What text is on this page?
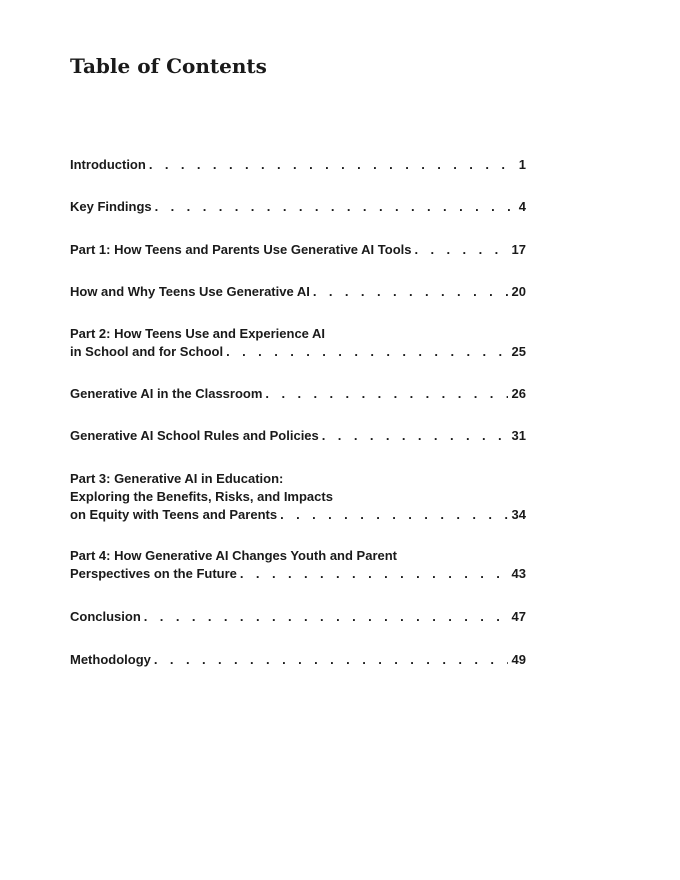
Table of Contents
Introduction . . .	1
Key Findings . . .	4
Part 1: How Teens and Parents Use Generative AI Tools . . .	17
How and Why Teens Use Generative AI . . .	20
Part 2: How Teens Use and Experience AI
in School and for School . . .	25
Generative AI in the Classroom . . .	26
Generative AI School Rules and Policies . . .	31
Part 3: Generative AI in Education:
Exploring the Benefits, Risks, and Impacts
on Equity with Teens and Parents . . .	34
Part 4: How Generative AI Changes Youth and Parent
Perspectives on the Future . . .	43
Conclusion . . .	47
Methodology . . .	49
